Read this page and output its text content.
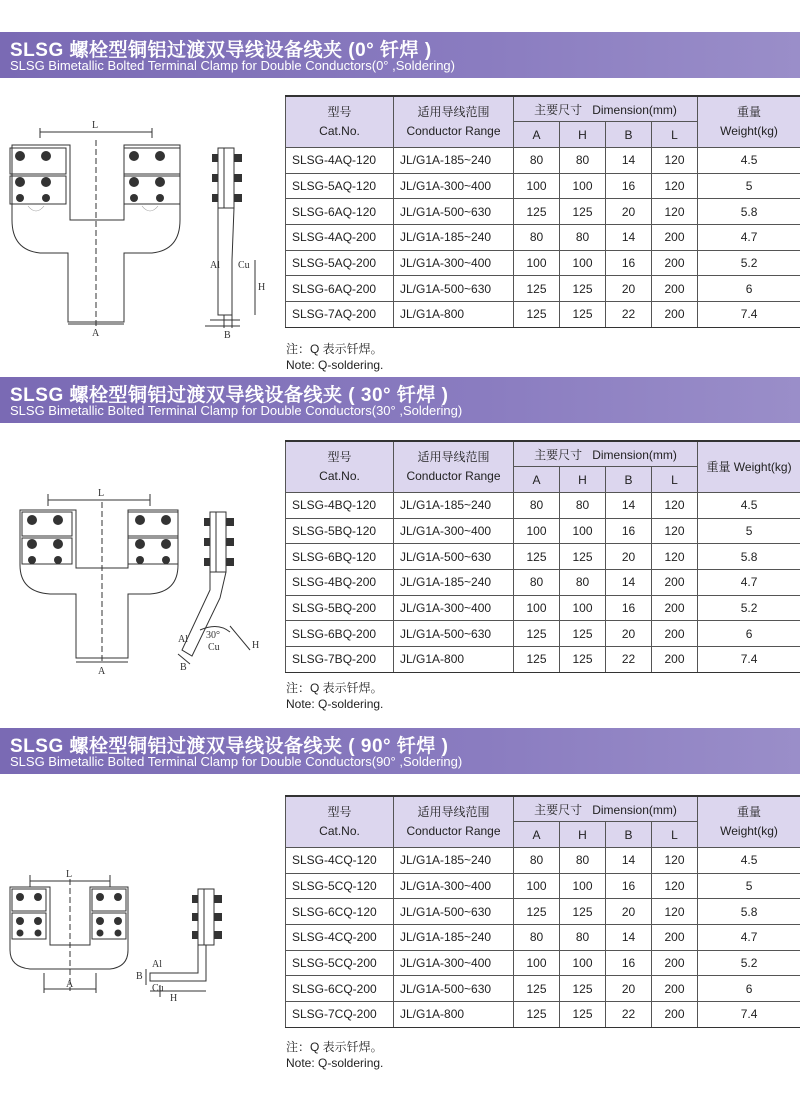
SLSG 螺栓型铜铝过渡双导线设备线夹 (0° 钎焊 )
SLSG Bimetallic Bolted Terminal Clamp for Double Conductors(0° ,Soldering)
L
A
H
B
Al Cu
型号
Cat.No.	适用导线范围
Conductor Range	主要尺寸 Dimension(mm)				重量
Weight(kg)

		A	H	B	L	
SLSG-4AQ-120	JL/G1A-185~240	80	80	14	120	4.5
SLSG-5AQ-120	JL/G1A-300~400	100	100	16	120	5
SLSG-6AQ-120	JL/G1A-500~630	125	125	20	120	5.8
SLSG-4AQ-200	JL/G1A-185~240	80	80	14	200	4.7
SLSG-5AQ-200	JL/G1A-300~400	100	100	16	200	5.2
SLSG-6AQ-200	JL/G1A-500~630	125	125	20	200	6
SLSG-7AQ-200	JL/G1A-800	125	125	22	200	7.4
注：Q 表示钎焊。
Note: Q-soldering.
SLSG 螺栓型铜铝过渡双导线设备线夹 ( 30° 钎焊 )
SLSG Bimetallic Bolted Terminal Clamp for Double Conductors(30° ,Soldering)
L
A
H
B
Al
Cu
30°
型号
Cat.No.	适用导线范围
Conductor Range	主要尺寸 Dimension(mm)				重量 Weight(kg)
		A	H	B	L	
SLSG-4BQ-120	JL/G1A-185~240	80	80	14	120	4.5
SLSG-5BQ-120	JL/G1A-300~400	100	100	16	120	5
SLSG-6BQ-120	JL/G1A-500~630	125	125	20	120	5.8
SLSG-4BQ-200	JL/G1A-185~240	80	80	14	200	4.7
SLSG-5BQ-200	JL/G1A-300~400	100	100	16	200	5.2
SLSG-6BQ-200	JL/G1A-500~630	125	125	20	200	6
SLSG-7BQ-200	JL/G1A-800	125	125	22	200	7.4
注：Q 表示钎焊。
Note: Q-soldering.
SLSG 螺栓型铜铝过渡双导线设备线夹 ( 90° 钎焊 )
SLSG Bimetallic Bolted Terminal Clamp for Double Conductors(90° ,Soldering)
L
A
H
B
Al
Cu
型号
Cat.No.	适用导线范围
Conductor Range	主要尺寸 Dimension(mm)				重量
Weight(kg)

		A	H	B	L	
SLSG-4CQ-120	JL/G1A-185~240	80	80	14	120	4.5
SLSG-5CQ-120	JL/G1A-300~400	100	100	16	120	5
SLSG-6CQ-120	JL/G1A-500~630	125	125	20	120	5.8
SLSG-4CQ-200	JL/G1A-185~240	80	80	14	200	4.7
SLSG-5CQ-200	JL/G1A-300~400	100	100	16	200	5.2
SLSG-6CQ-200	JL/G1A-500~630	125	125	20	200	6
SLSG-7CQ-200	JL/G1A-800	125	125	22	200	7.4
注：Q 表示钎焊。
Note: Q-soldering.
